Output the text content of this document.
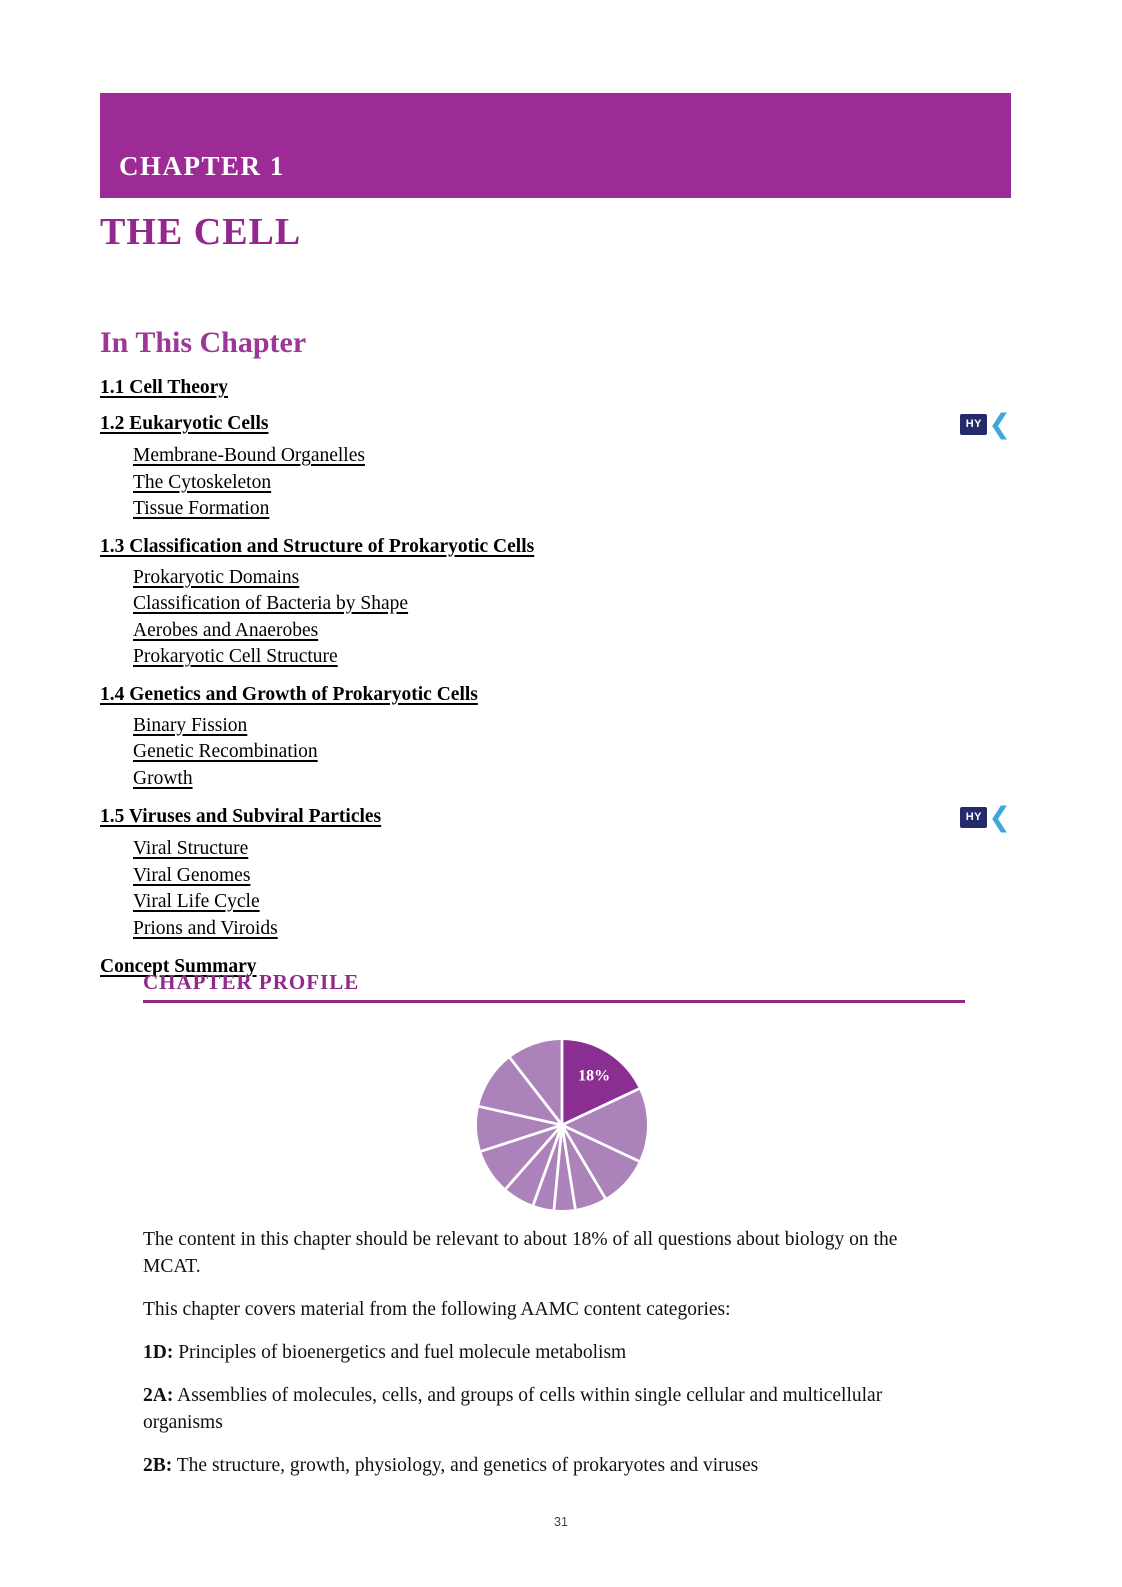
CHAPTER 1
THE CELL
In This Chapter
1.1 Cell Theory
1.2 Eukaryotic Cells	HY ❮
Membrane-Bound Organelles
The Cytoskeleton
Tissue Formation
1.3 Classification and Structure of Prokaryotic Cells
Prokaryotic Domains
Classification of Bacteria by Shape
Aerobes and Anaerobes
Prokaryotic Cell Structure
1.4 Genetics and Growth of Prokaryotic Cells
Binary Fission
Genetic Recombination
Growth
1.5 Viruses and Subviral Particles	HY ❮
Viral Structure
Viral Genomes
Viral Life Cycle
Prions and Viroids
Concept Summary
CHAPTER PROFILE
18%

The content in this chapter should be relevant to about 18% of all questions about biology on the MCAT.

This chapter covers material from the following AAMC content categories:

1D: Principles of bioenergetics and fuel molecule metabolism

2A: Assemblies of molecules, cells, and groups of cells within single cellular and multicellular organisms

2B: The structure, growth, physiology, and genetics of prokaryotes and viruses

31
